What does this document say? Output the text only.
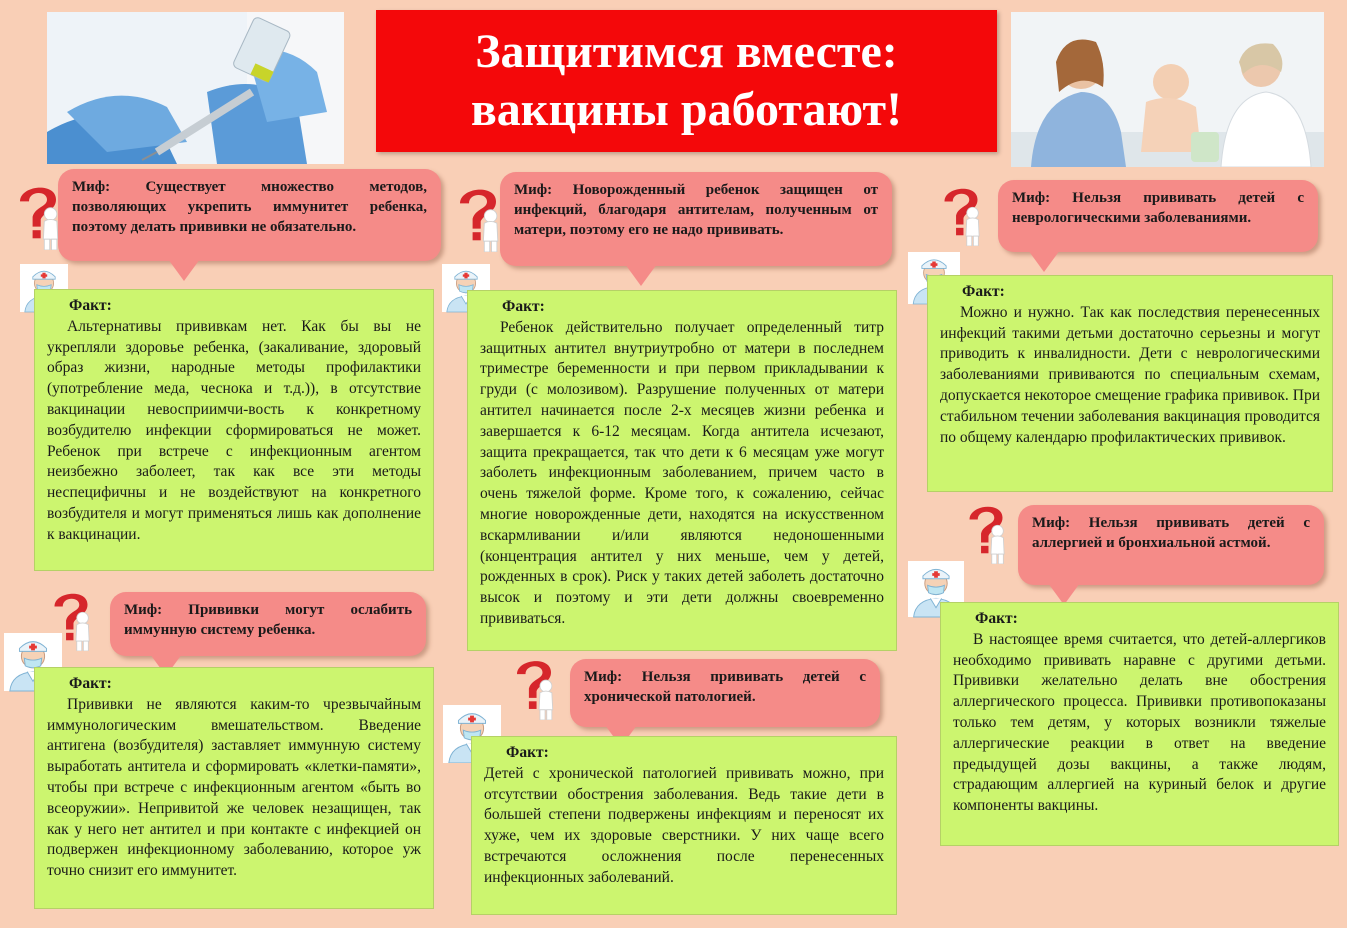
Защитимся вместе:
вакцины работают!
Миф: Существует множество методов, позволяющих укрепить иммунитет ребенка, поэтому делать прививки не обязательно.
Факт:
Альтернативы прививкам нет. Как бы вы не укрепляли здоровье ребенка, (закаливание, здоровый образ жизни, народные методы профилактики (употребление меда, чеснока и т.д.)), в отсутствие вакцинации невосприимчи-вость к конкретному возбудителю инфекции сформироваться не может. Ребенок при встрече с инфекционным агентом неизбежно заболеет, так как все эти методы неспецифичны и не воздействуют на конкретного возбудителя и могут применяться лишь как дополнение к вакцинации.
Миф: Новорожденный ребенок защищен от инфекций, благодаря антителам, полученным от матери, поэтому его не надо прививать.
Факт:
Ребенок действительно получает определенный титр защитных антител внутриутробно от матери в последнем триместре беременности и при первом прикладывании к груди (с молозивом). Разрушение полученных от матери антител начинается после 2-х месяцев жизни ребенка и завершается к 6-12 месяцам. Когда антитела исчезают, защита прекращается, так что дети к 6 месяцам уже могут заболеть инфекционным заболеванием, причем часто в очень тяжелой форме. Кроме того, к сожалению, сейчас многие новорожденные дети, находятся на искусственном вскармливании и/или являются недоношенными (концентрация антител у них меньше, чем у детей, рожденных в срок). Риск у таких детей заболеть достаточно высок и поэтому и эти дети должны своевременно прививаться.
Миф: Нельзя прививать детей с неврологическими заболеваниями.
Факт:
Можно и нужно. Так как последствия перенесенных инфекций такими детьми достаточно серьезны и могут приводить к инвалидности. Дети с неврологическими заболеваниями прививаются по специальным схемам, допускается некоторое смещение графика прививок. При стабильном течении заболевания вакцинация проводится по общему календарю профилактических прививок.
Миф: Прививки могут ослабить иммунную систему ребенка.
Факт:
Прививки не являются каким-то чрезвычайным иммунологическим вмешательством. Введение антигена (возбудителя) заставляет иммунную систему выработать антитела и сформировать «клетки-памяти», чтобы при встрече с инфекционным агентом «быть во всеоружии». Непривитой же человек незащищен, так как у него нет антител и при контакте с инфекцией он подвержен инфекционному заболеванию, которое уж точно снизит его иммунитет.
Миф: Нельзя прививать детей с хронической патологией.
Факт:
Детей с хронической патологией прививать можно, при отсутствии обострения заболевания. Ведь такие дети в большей степени подвержены инфекциям и переносят их хуже, чем их здоровые сверстники. У них чаще всего встречаются осложнения после перенесенных инфекционных заболеваний.
Миф: Нельзя прививать детей с аллергией и бронхиальной астмой.
Факт:
В настоящее время считается, что детей-аллергиков необходимо прививать наравне с другими детьми. Прививки желательно делать вне обострения аллергического процесса. Прививки противопоказаны только тем детям, у которых возникли тяжелые аллергические реакции в ответ на введение предыдущей дозы вакцины, а также людям, страдающим аллергией на куриный белок и другие компоненты вакцины.
